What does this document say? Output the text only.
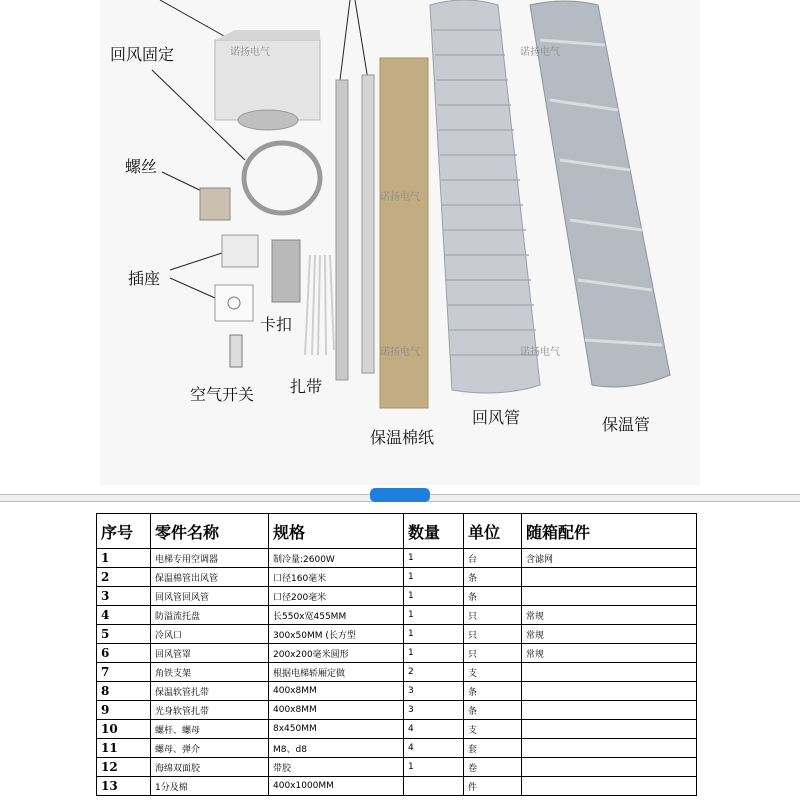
诺扬电气
诺扬电气
诺扬电气
诺扬电气	诺扬电气
回风固定
螺丝
插座
卡扣
空气开关 扎带
保温棉纸
回风管	保温管
序号	零件名称	规格	数量	单位	随箱配件
1	电梯专用空调器	制冷量:2600W	1	台	含滤网
2	保温棉管出风管	口径160毫米	1	条	
3	回风管回风管	口径200毫米	1	条	
4	防溢流托盘	长550x宽455MM	1	只	常规
5	冷风口	300x50MM (长方型	1	只	常规
6	回风管罩	200x200毫米圆形	1	只	常规
7	角铁支架	根据电梯轿厢定做	2	支	
8	保温软管扎带	400x8MM	3	条	
9	光身软管扎带	400x8MM	3	条	
10	螺杆、螺母	8x450MM	4	支	
11	螺母、弹介	M8、d8	4	套	
12	海绵双面胶	带胶	1	卷	
13	1分及棉	400x1000MM		件	
